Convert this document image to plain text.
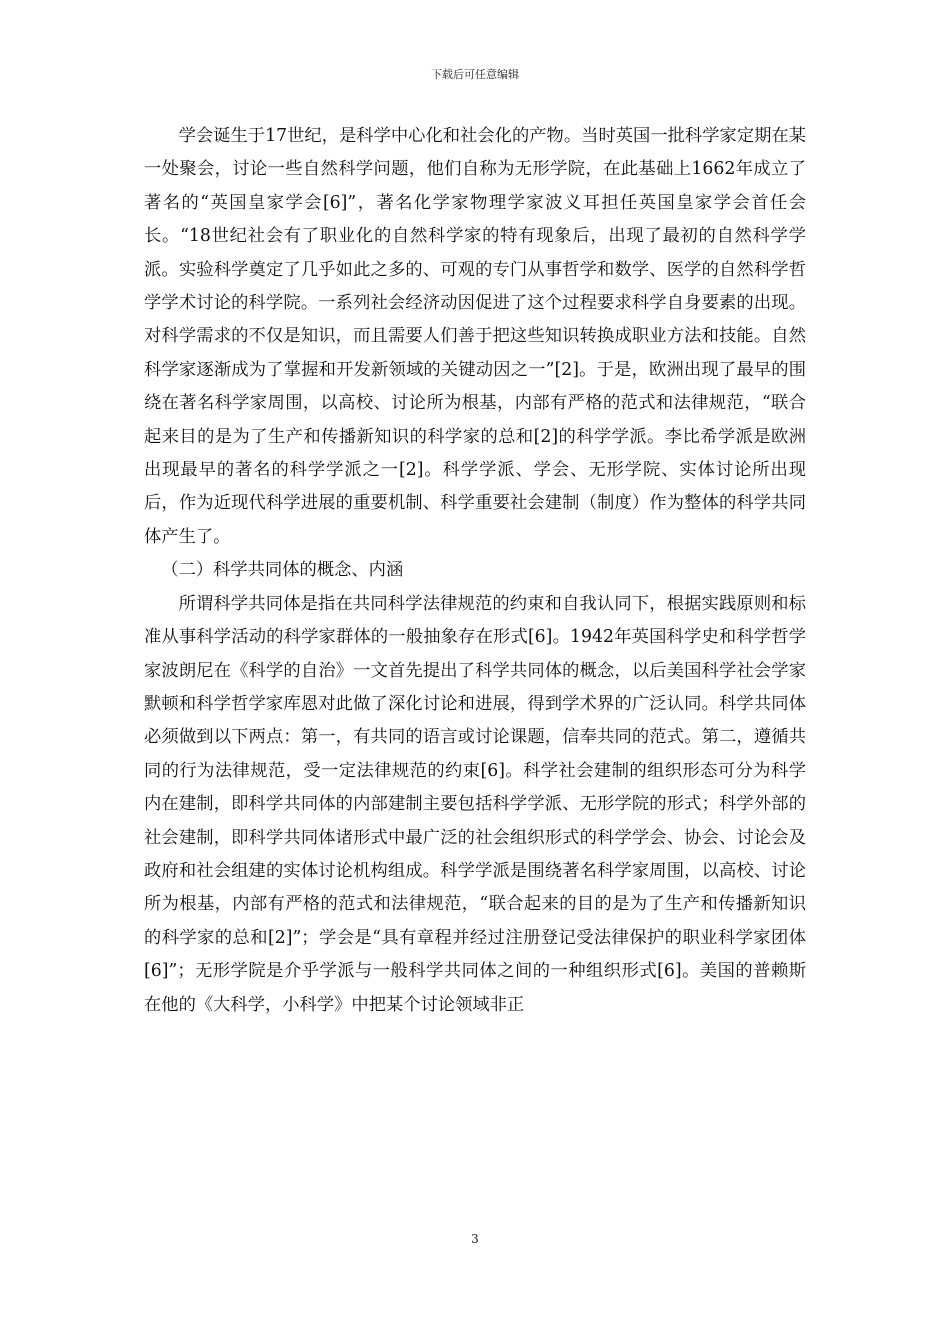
下载后可任意编辑

学会诞生于17世纪，是科学中心化和社会化的产物。当时英国一批科学家定期在某一处聚会，讨论一些自然科学问题，他们自称为无形学院，在此基础上1662年成立了著名的“英国皇家学会[6]”，著名化学家物理学家波义耳担任英国皇家学会首任会长。“18世纪社会有了职业化的自然科学家的特有现象后，出现了最初的自然科学学派。实验科学奠定了几乎如此之多的、可观的专门从事哲学和数学、医学的自然科学哲学学术讨论的科学院。一系列社会经济动因促进了这个过程要求科学自身要素的出现。对科学需求的不仅是知识，而且需要人们善于把这些知识转换成职业方法和技能。自然科学家逐渐成为了掌握和开发新领域的关键动因之一”[2]。于是，欧洲出现了最早的围绕在著名科学家周围，以高校、讨论所为根基，内部有严格的范式和法律规范，“联合起来目的是为了生产和传播新知识的科学家的总和[2]的科学学派。李比希学派是欧洲出现最早的著名的科学学派之一[2]。科学学派、学会、无形学院、实体讨论所出现后，作为近现代科学进展的重要机制、科学重要社会建制（制度）作为整体的科学共同体产生了。

（二）科学共同体的概念、内涵

所谓科学共同体是指在共同科学法律规范的约束和自我认同下，根据实践原则和标准从事科学活动的科学家群体的一般抽象存在形式[6]。1942年英国科学史和科学哲学家波朗尼在《科学的自治》一文首先提出了科学共同体的概念，以后美国科学社会学家默顿和科学哲学家库恩对此做了深化讨论和进展，得到学术界的广泛认同。科学共同体必须做到以下两点：第一，有共同的语言或讨论课题，信奉共同的范式。第二，遵循共同的行为法律规范，受一定法律规范的约束[6]。科学社会建制的组织形态可分为科学内在建制，即科学共同体的内部建制主要包括科学学派、无形学院的形式；科学外部的社会建制，即科学共同体诸形式中最广泛的社会组织形式的科学学会、协会、讨论会及政府和社会组建的实体讨论机构组成。科学学派是围绕著名科学家周围，以高校、讨论所为根基，内部有严格的范式和法律规范，“联合起来的目的是为了生产和传播新知识的科学家的总和[2]”；学会是“具有章程并经过注册登记受法律保护的职业科学家团体[6]”；无形学院是介乎学派与一般科学共同体之间的一种组织形式[6]。美国的普赖斯在他的《大科学，小科学》中把某个讨论领域非正

3
